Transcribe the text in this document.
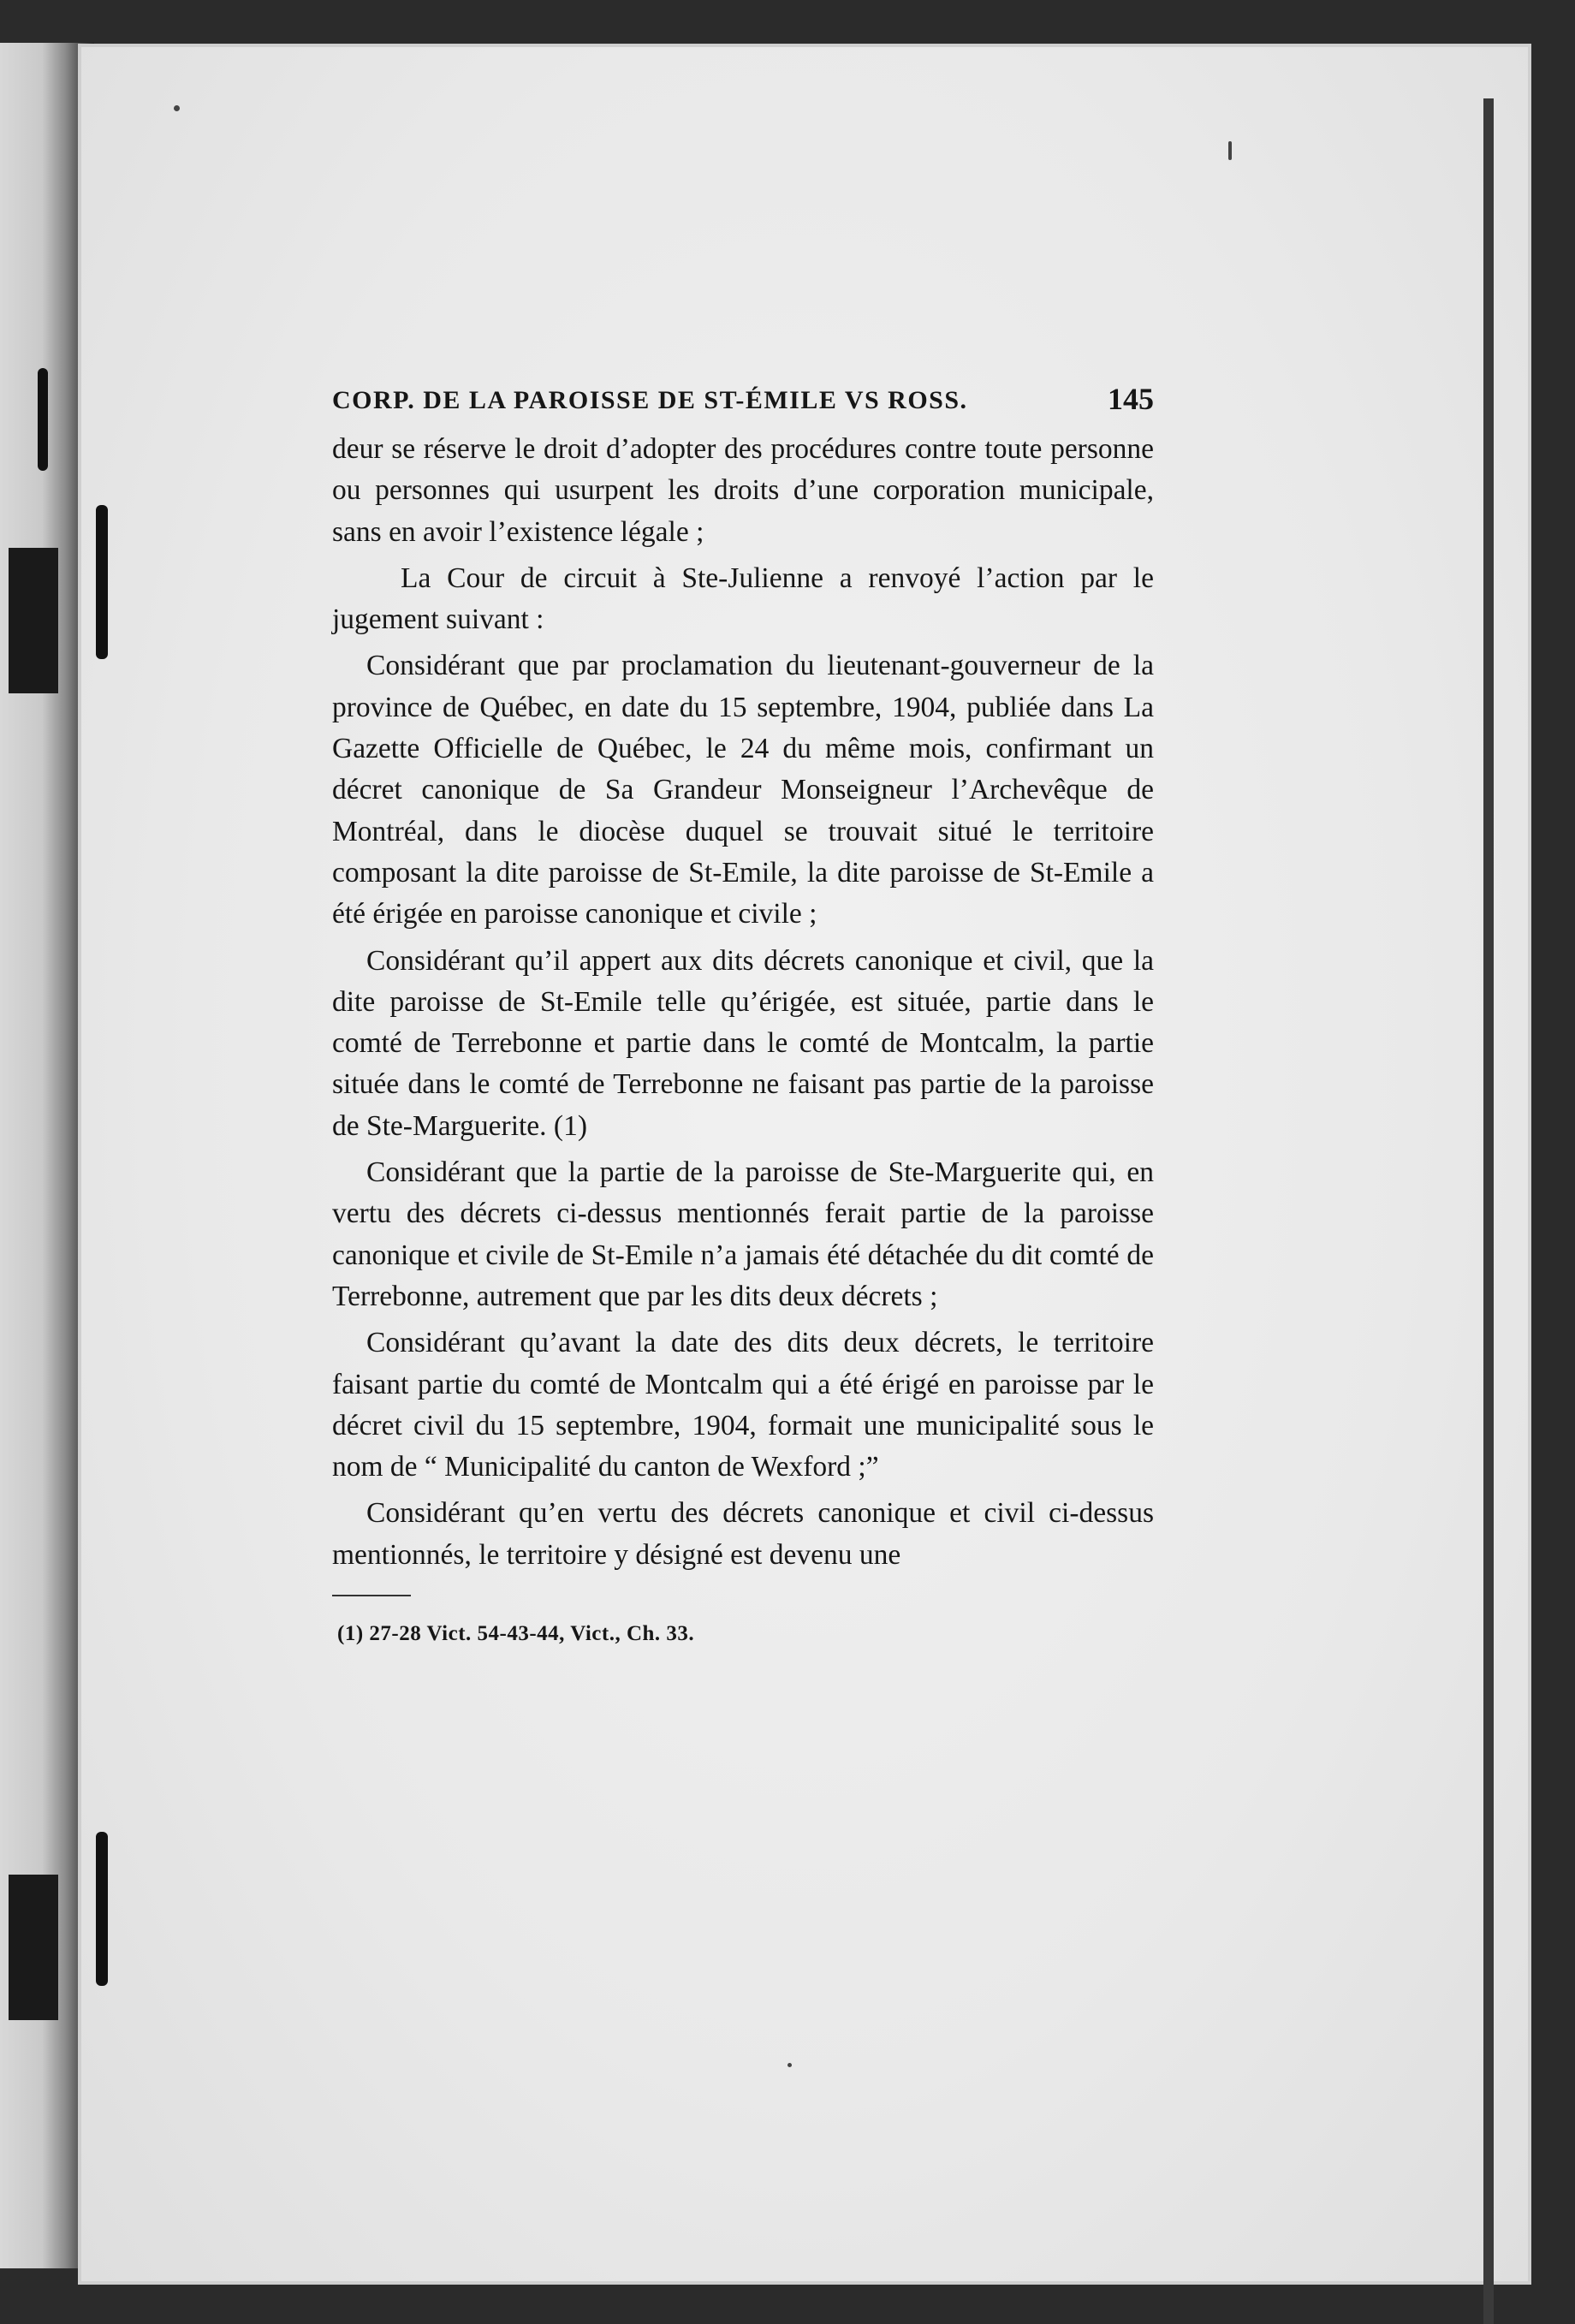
CORP. DE LA PAROISSE DE ST-ÉMILE VS ROSS.	145

deur se réserve le droit d’adopter des procédures contre toute personne ou personnes qui usurpent les droits d’une corporation municipale, sans en avoir l’existence légale ;

La Cour de circuit à Ste-Julienne a renvoyé l’action par le jugement suivant :

Considérant que par proclamation du lieutenant-gouverneur de la province de Québec, en date du 15 septembre, 1904, publiée dans La Gazette Officielle de Québec, le 24 du même mois, confirmant un décret canonique de Sa Grandeur Monseigneur l’Archevêque de Montréal, dans le diocèse duquel se trouvait situé le territoire composant la dite paroisse de St-Emile, la dite paroisse de St-Emile a été érigée en paroisse canonique et civile ;

Considérant qu’il appert aux dits décrets canonique et civil, que la dite paroisse de St-Emile telle qu’érigée, est située, partie dans le comté de Terrebonne et partie dans le comté de Montcalm, la partie située dans le comté de Terrebonne ne faisant pas partie de la paroisse de Ste-Marguerite. (1)

Considérant que la partie de la paroisse de Ste-Marguerite qui, en vertu des décrets ci-dessus mentionnés ferait partie de la paroisse canonique et civile de St-Emile n’a jamais été détachée du dit comté de Terrebonne, autrement que par les dits deux décrets ;

Considérant qu’avant la date des dits deux décrets, le territoire faisant partie du comté de Montcalm qui a été érigé en paroisse par le décret civil du 15 septembre, 1904, formait une municipalité sous le nom de “ Municipalité du canton de Wexford ;”

Considérant qu’en vertu des décrets canonique et civil ci-dessus mentionnés, le territoire y désigné est devenu une

(1) 27-28 Vict. 54-43-44, Vict., Ch. 33.
